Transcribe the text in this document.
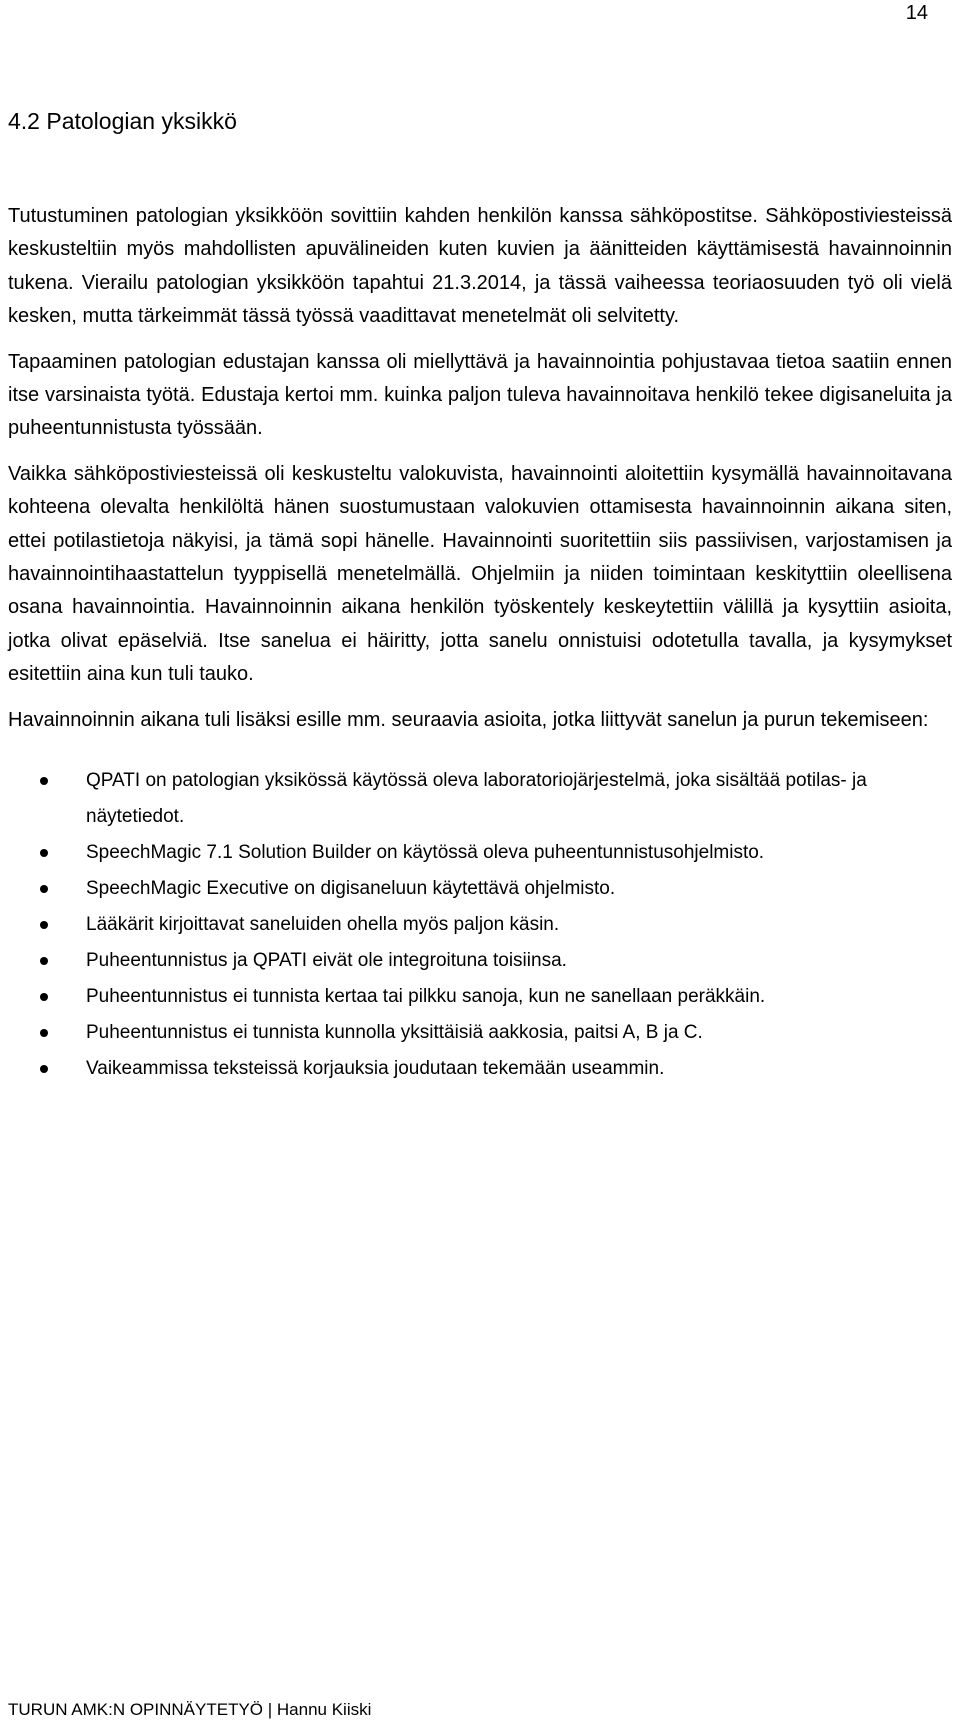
14
4.2 Patologian yksikkö

Tutustuminen patologian yksikköön sovittiin kahden henkilön kanssa sähköpostitse. Sähköpostiviesteissä keskusteltiin myös mahdollisten apuvälineiden kuten kuvien ja äänitteiden käyttämisestä havainnoinnin tukena. Vierailu patologian yksikköön tapahtui 21.3.2014, ja tässä vaiheessa teoriaosuuden työ oli vielä kesken, mutta tärkeimmät tässä työssä vaadittavat menetelmät oli selvitetty.

Tapaaminen patologian edustajan kanssa oli miellyttävä ja havainnointia pohjustavaa tietoa saatiin ennen itse varsinaista työtä. Edustaja kertoi mm. kuinka paljon tuleva havainnoitava henkilö tekee digisaneluita ja puheentunnistusta työssään.

Vaikka sähköpostiviesteissä oli keskusteltu valokuvista, havainnointi aloitettiin kysymällä havainnoitavana kohteena olevalta henkilöltä hänen suostumustaan valokuvien ottamisesta havainnoinnin aikana siten, ettei potilastietoja näkyisi, ja tämä sopi hänelle. Havainnointi suoritettiin siis passiivisen, varjostamisen ja havainnointihaastattelun tyyppisellä menetelmällä. Ohjelmiin ja niiden toimintaan keskityttiin oleellisena osana havainnointia. Havainnoinnin aikana henkilön työskentely keskeytettiin välillä ja kysyttiin asioita, jotka olivat epäselviä. Itse sanelua ei häiritty, jotta sanelu onnistuisi odotetulla tavalla, ja kysymykset esitettiin aina kun tuli tauko.

Havainnoinnin aikana tuli lisäksi esille mm. seuraavia asioita, jotka liittyvät sanelun ja purun tekemiseen:

QPATI on patologian yksikössä käytössä oleva laboratoriojärjestelmä, joka sisältää potilas- ja näytetiedot.
SpeechMagic 7.1 Solution Builder on käytössä oleva puheentunnistusohjelmisto.
SpeechMagic Executive on digisaneluun käytettävä ohjelmisto.
Lääkärit kirjoittavat saneluiden ohella myös paljon käsin.
Puheentunnistus ja QPATI eivät ole integroituna toisiinsa.
Puheentunnistus ei tunnista kertaa tai pilkku sanoja, kun ne sanellaan peräkkäin.
Puheentunnistus ei tunnista kunnolla yksittäisiä aakkosia, paitsi A, B ja C.
Vaikeammissa teksteissä korjauksia joudutaan tekemään useammin.
TURUN AMK:N OPINNÄYTETYÖ | Hannu Kiiski
